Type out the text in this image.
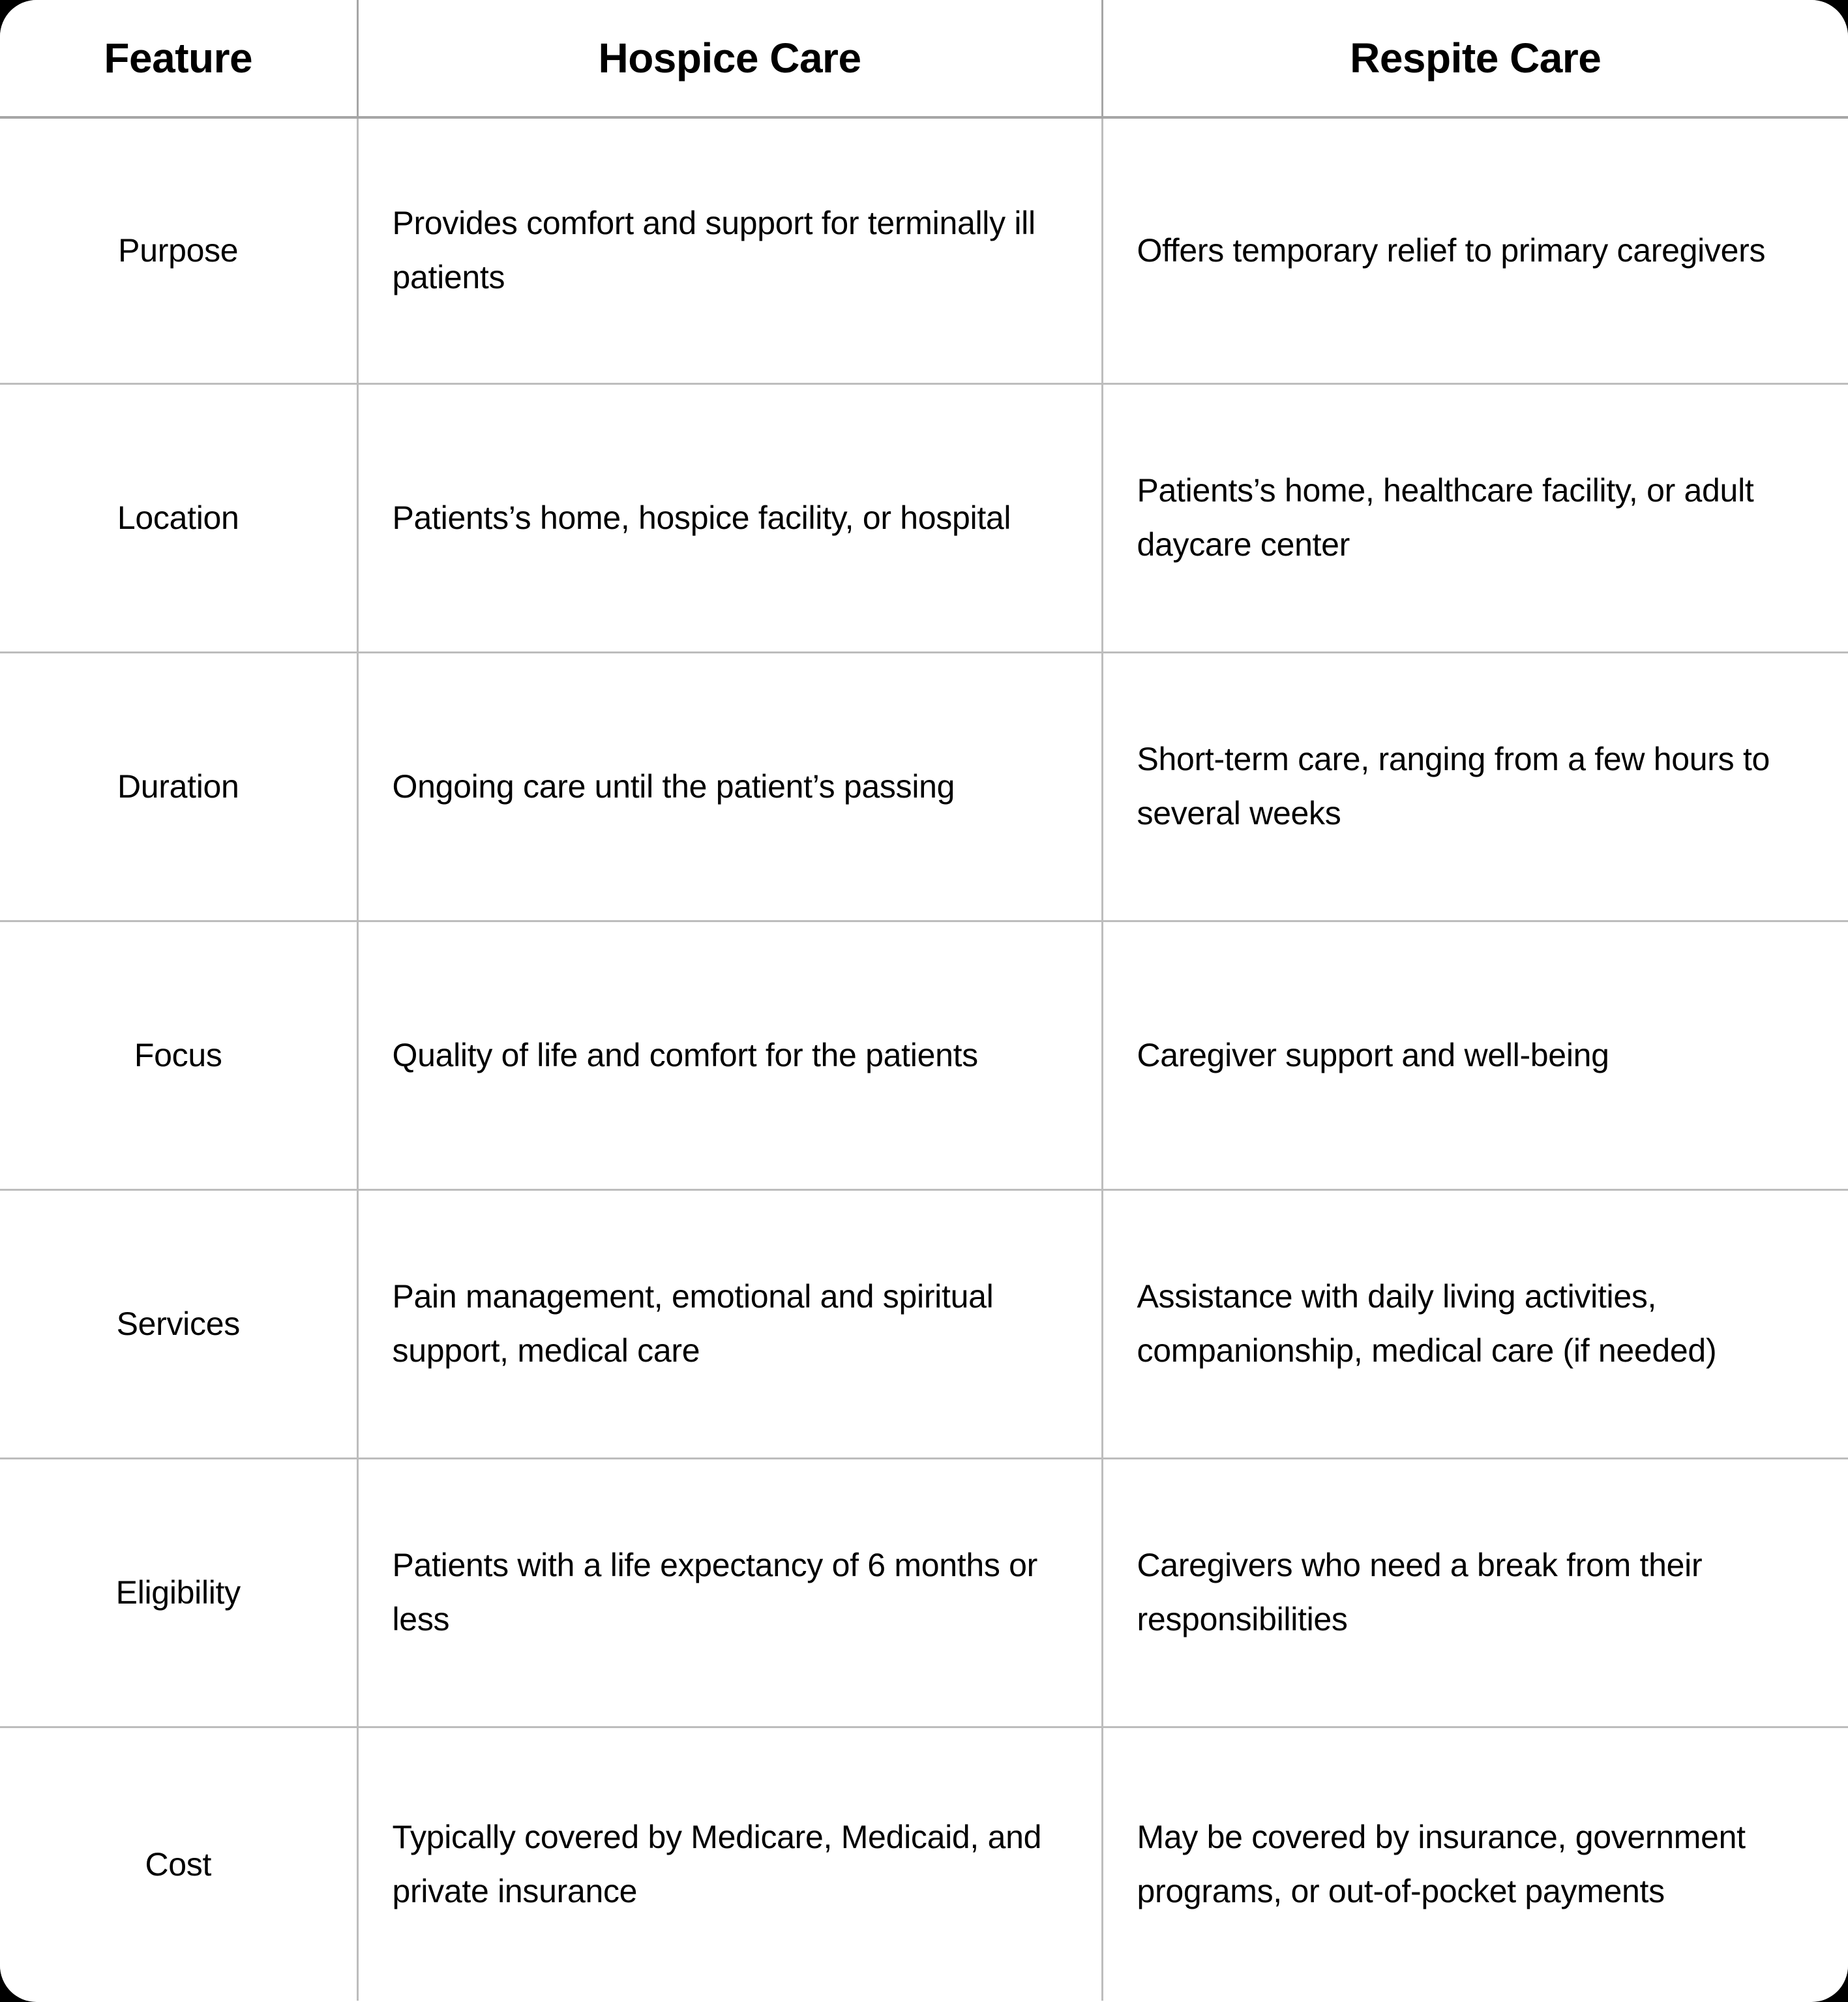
Feature	Hospice Care	Respite Care
Purpose	Provides comfort and support for terminally ill patients	Offers temporary relief to primary caregivers

Location	Patients’s home, hospice facility, or hospital	Patients’s home, healthcare facility, or adult daycare center

Duration	Ongoing care until the patient’s passing	Short-term care, ranging from a few hours to several weeks

Focus	Quality of life and comfort for the patients	Caregiver support and well-being

Services	Pain management, emotional and spiritual support, medical care	Assistance with daily living activities, companionship, medical care (if needed)

Eligibility	Patients with a life expectancy of 6 months or less	Caregivers who need a break from their responsibilities

Cost	Typically covered by Medicare, Medicaid, and private insurance	May be covered by insurance, government programs, or out-of-pocket payments
